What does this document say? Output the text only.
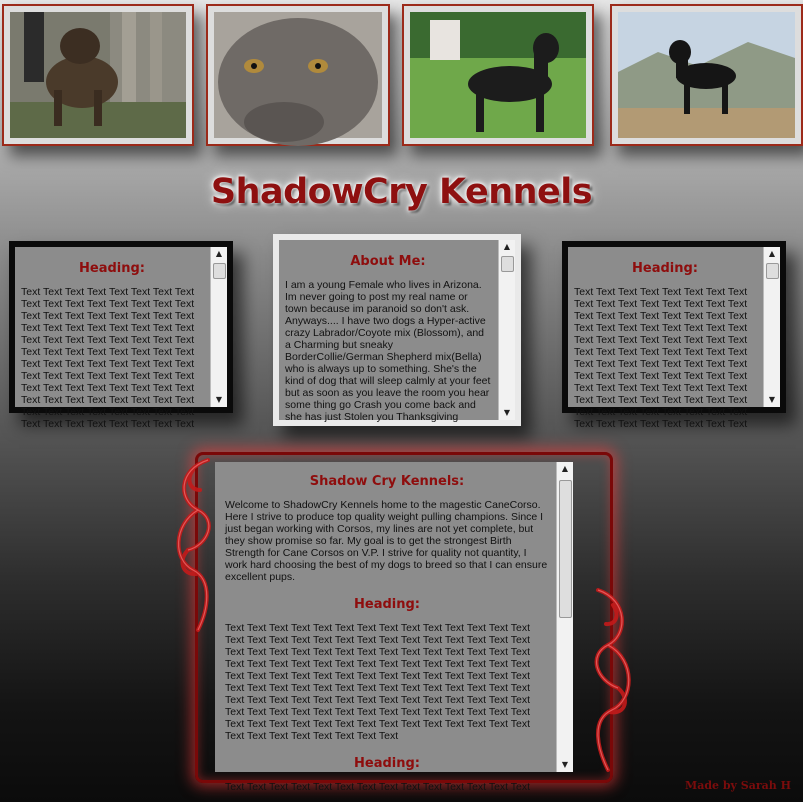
ShadowCry Kennels
Heading:
Text Text Text Text Text Text Text Text Text Text Text Text Text Text Text Text Text Text Text Text Text Text Text Text Text Text Text Text Text Text Text Text Text Text Text Text Text Text Text Text Text Text Text Text Text Text Text Text Text Text Text Text Text Text Text Text Text Text Text Text Text Text Text Text Text Text Text Text Text Text Text Text Text Text Text Text Text Text Text Text Text Text Text Text Text Text Text Text Text Text Text Text Text Text Text Text
▲
▼
About Me:
I am a young Female who lives in Arizona. Im never going to post my real name or town because im paranoid so don't ask. Anyways.... I have two dogs a Hyper-active crazy Labrador/Coyote mix (Blossom), and a Charming but sneaky BorderCollie/German Shepherd mix(Bella) who is always up to something. She's the kind of dog that will sleep calmly at your feet but as soon as you leave the room you hear some thing go Crash you come back and she has just Stolen you Thanksgiving
▲
▼
Heading:
Text Text Text Text Text Text Text Text Text Text Text Text Text Text Text Text Text Text Text Text Text Text Text Text Text Text Text Text Text Text Text Text Text Text Text Text Text Text Text Text Text Text Text Text Text Text Text Text Text Text Text Text Text Text Text Text Text Text Text Text Text Text Text Text Text Text Text Text Text Text Text Text Text Text Text Text Text Text Text Text Text Text Text Text Text Text Text Text Text Text Text Text Text Text Text Text
▲
▼
Shadow Cry Kennels:
Welcome to ShadowCry Kennels home to the magestic CaneCorso. Here I strive to produce top quality weight pulling champions. Since I just began working with Corsos, my lines are not yet complete, but they show promise so far. My goal is to get the strongest Birth Strength for Cane Corsos on V.P. I strive for quality not quantity, I work hard choosing the best of my dogs to breed so that I can ensure excellent pups.
Heading:
Text Text Text Text Text Text Text Text Text Text Text Text Text Text Text Text Text Text Text Text Text Text Text Text Text Text Text Text Text Text Text Text Text Text Text Text Text Text Text Text Text Text Text Text Text Text Text Text Text Text Text Text Text Text Text Text Text Text Text Text Text Text Text Text Text Text Text Text Text Text Text Text Text Text Text Text Text Text Text Text Text Text Text Text Text Text Text Text Text Text Text Text Text Text Text Text Text Text Text Text Text Text Text Text Text Text Text Text Text Text Text Text Text Text Text Text Text Text Text Text Text Text Text Text Text Text Text Text Text Text Text Text Text Text
Heading:
Text Text Text Text Text Text Text Text Text Text Text Text Text Text
▲
▼
Made by Sarah H
